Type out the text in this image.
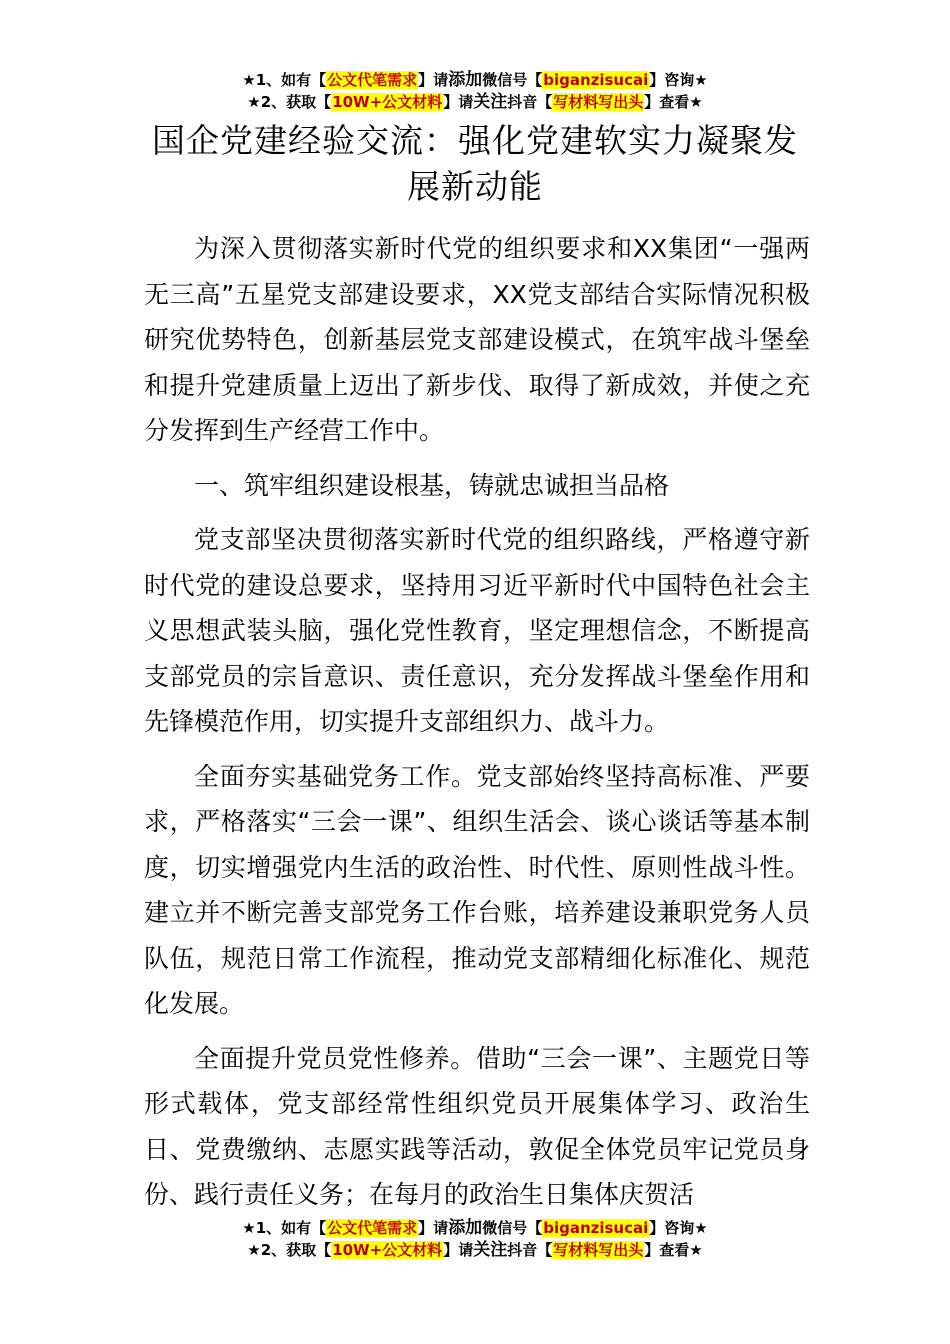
★1、如有【公文代笔需求】请添加微信号【biganzisucai】咨询★
★2、获取【10W+公文材料】请关注抖音【写材料写出头】查看★
国企党建经验交流：强化党建软实力凝聚发展新动能

为深入贯彻落实新时代党的组织要求和XX集团“一强两无三高”五星党支部建设要求，XX党支部结合实际情况积极研究优势特色，创新基层党支部建设模式，在筑牢战斗堡垒和提升党建质量上迈出了新步伐、取得了新成效，并使之充分发挥到生产经营工作中。

一、筑牢组织建设根基，铸就忠诚担当品格

党支部坚决贯彻落实新时代党的组织路线，严格遵守新时代党的建设总要求，坚持用习近平新时代中国特色社会主义思想武装头脑，强化党性教育，坚定理想信念，不断提高支部党员的宗旨意识、责任意识，充分发挥战斗堡垒作用和先锋模范作用，切实提升支部组织力、战斗力。

全面夯实基础党务工作。党支部始终坚持高标准、严要求，严格落实“三会一课”、组织生活会、谈心谈话等基本制度，切实增强党内生活的政治性、时代性、原则性战斗性。建立并不断完善支部党务工作台账，培养建设兼职党务人员队伍，规范日常工作流程，推动党支部精细化标准化、规范化发展。

全面提升党员党性修养。借助“三会一课”、主题党日等形式载体，党支部经常性组织党员开展集体学习、政治生日、党费缴纳、志愿实践等活动，敦促全体党员牢记党员身份、践行责任义务；在每月的政治生日集体庆贺活

★1、如有【公文代笔需求】请添加微信号【biganzisucai】咨询★
★2、获取【10W+公文材料】请关注抖音【写材料写出头】查看★
